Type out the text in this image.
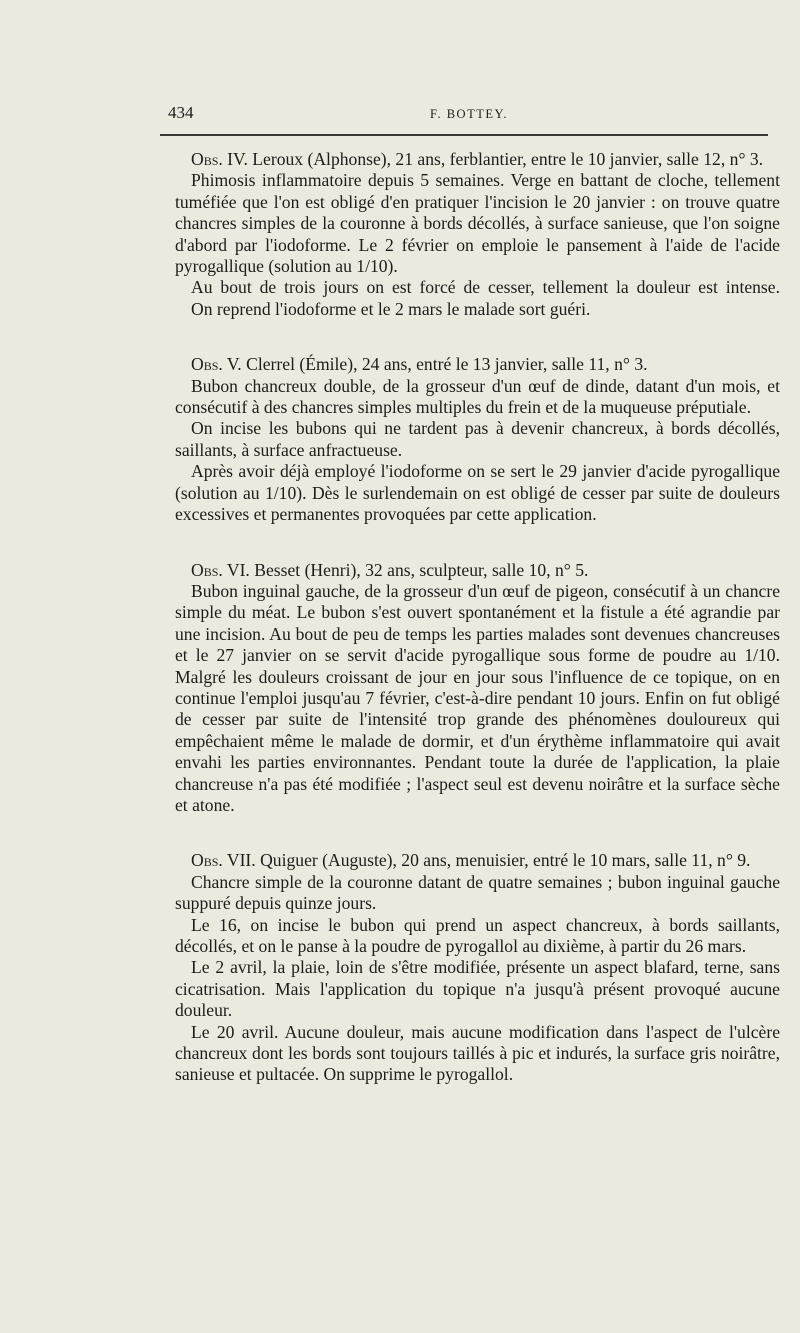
434	F. BOTTEY.

Obs. IV. Leroux (Alphonse), 21 ans, ferblantier, entre le 10 janvier, salle 12, n° 3.

Phimosis inflammatoire depuis 5 semaines. Verge en battant de cloche, tellement tuméfiée que l'on est obligé d'en pratiquer l'incision le 20 janvier : on trouve quatre chancres simples de la couronne à bords décollés, à surface sanieuse, que l'on soigne d'abord par l'iodoforme. Le 2 février on emploie le pansement à l'aide de l'acide pyrogallique (solution au 1/10).

Au bout de trois jours on est forcé de cesser, tellement la douleur est intense.

On reprend l'iodoforme et le 2 mars le malade sort guéri.

Obs. V. Clerrel (Émile), 24 ans, entré le 13 janvier, salle 11, n° 3.

Bubon chancreux double, de la grosseur d'un œuf de dinde, datant d'un mois, et consécutif à des chancres simples multiples du frein et de la muqueuse préputiale.

On incise les bubons qui ne tardent pas à devenir chancreux, à bords décollés, saillants, à surface anfractueuse.

Après avoir déjà employé l'iodoforme on se sert le 29 janvier d'acide pyrogallique (solution au 1/10). Dès le surlendemain on est obligé de cesser par suite de douleurs excessives et permanentes provoquées par cette application.

Obs. VI. Besset (Henri), 32 ans, sculpteur, salle 10, n° 5.

Bubon inguinal gauche, de la grosseur d'un œuf de pigeon, consécutif à un chancre simple du méat. Le bubon s'est ouvert spontanément et la fistule a été agrandie par une incision. Au bout de peu de temps les parties malades sont devenues chancreuses et le 27 janvier on se servit d'acide pyrogallique sous forme de poudre au 1/10. Malgré les douleurs croissant de jour en jour sous l'influence de ce topique, on en continue l'emploi jusqu'au 7 février, c'est-à-dire pendant 10 jours. Enfin on fut obligé de cesser par suite de l'intensité trop grande des phénomènes douloureux qui empêchaient même le malade de dormir, et d'un érythème inflammatoire qui avait envahi les parties environnantes. Pendant toute la durée de l'application, la plaie chancreuse n'a pas été modifiée ; l'aspect seul est devenu noirâtre et la surface sèche et atone.

Obs. VII. Quiguer (Auguste), 20 ans, menuisier, entré le 10 mars, salle 11, n° 9.

Chancre simple de la couronne datant de quatre semaines ; bubon inguinal gauche suppuré depuis quinze jours.

Le 16, on incise le bubon qui prend un aspect chancreux, à bords saillants, décollés, et on le panse à la poudre de pyrogallol au dixième, à partir du 26 mars.

Le 2 avril, la plaie, loin de s'être modifiée, présente un aspect blafard, terne, sans cicatrisation. Mais l'application du topique n'a jusqu'à présent provoqué aucune douleur.

Le 20 avril. Aucune douleur, mais aucune modification dans l'aspect de l'ulcère chancreux dont les bords sont toujours taillés à pic et indurés, la surface gris noirâtre, sanieuse et pultacée. On supprime le pyrogallol.
